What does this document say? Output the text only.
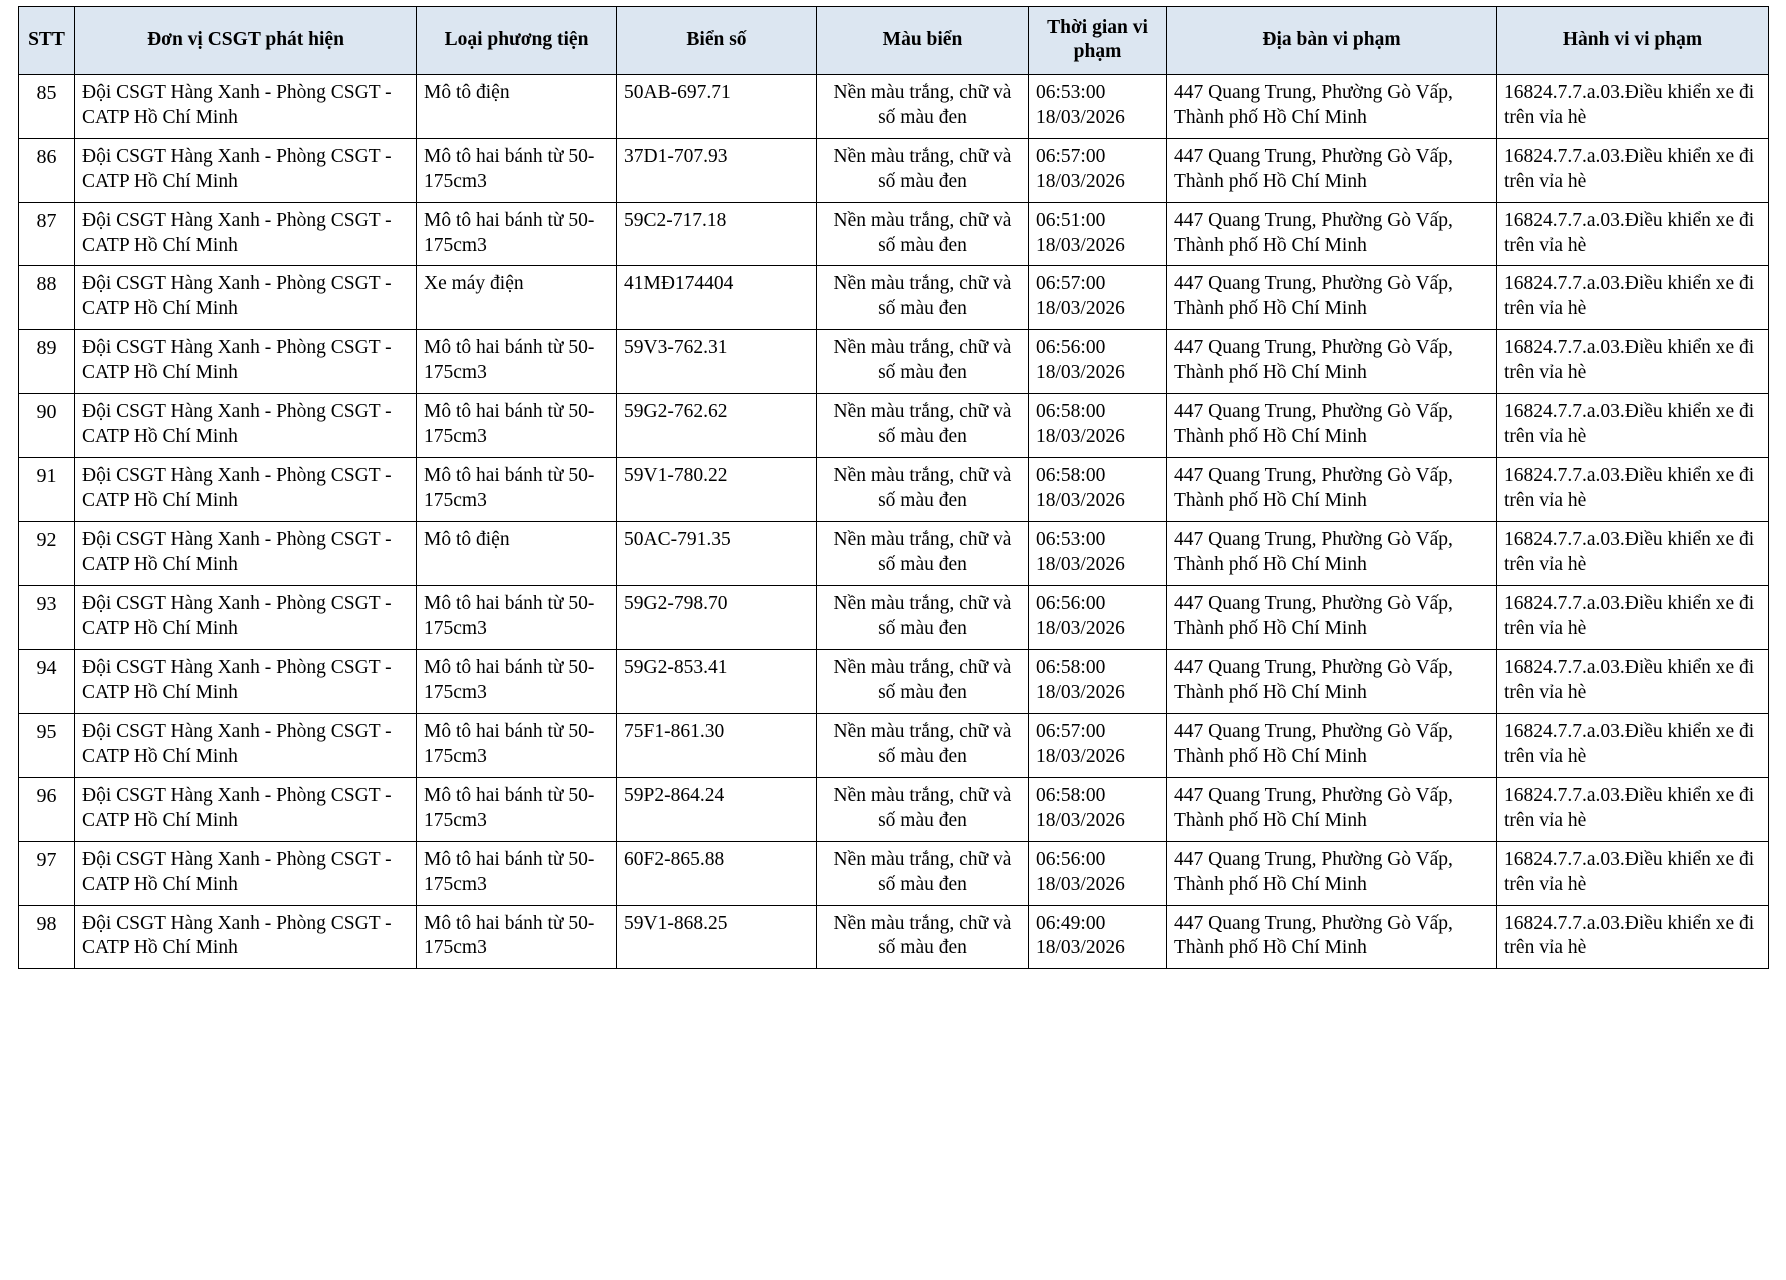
STT	Đơn vị CSGT phát hiện	Loại phương tiện	Biển số	Màu biển	Thời gian vi phạm	Địa bàn vi phạm	Hành vi vi phạm
85	Đội CSGT Hàng Xanh - Phòng CSGT - CATP Hồ Chí Minh	Mô tô điện	50AB-697.71	Nền màu trắng, chữ và số màu đen	06:53:00 18/03/2026	447 Quang Trung, Phường Gò Vấp, Thành phố Hồ Chí Minh	16824.7.7.a.03.Điều khiển xe đi trên vỉa hè
86	Đội CSGT Hàng Xanh - Phòng CSGT - CATP Hồ Chí Minh	Mô tô hai bánh từ 50-175cm3	37D1-707.93	Nền màu trắng, chữ và số màu đen	06:57:00 18/03/2026	447 Quang Trung, Phường Gò Vấp, Thành phố Hồ Chí Minh	16824.7.7.a.03.Điều khiển xe đi trên vỉa hè
87	Đội CSGT Hàng Xanh - Phòng CSGT - CATP Hồ Chí Minh	Mô tô hai bánh từ 50-175cm3	59C2-717.18	Nền màu trắng, chữ và số màu đen	06:51:00 18/03/2026	447 Quang Trung, Phường Gò Vấp, Thành phố Hồ Chí Minh	16824.7.7.a.03.Điều khiển xe đi trên vỉa hè
88	Đội CSGT Hàng Xanh - Phòng CSGT - CATP Hồ Chí Minh	Xe máy điện	41MĐ174404	Nền màu trắng, chữ và số màu đen	06:57:00 18/03/2026	447 Quang Trung, Phường Gò Vấp, Thành phố Hồ Chí Minh	16824.7.7.a.03.Điều khiển xe đi trên vỉa hè
89	Đội CSGT Hàng Xanh - Phòng CSGT - CATP Hồ Chí Minh	Mô tô hai bánh từ 50-175cm3	59V3-762.31	Nền màu trắng, chữ và số màu đen	06:56:00 18/03/2026	447 Quang Trung, Phường Gò Vấp, Thành phố Hồ Chí Minh	16824.7.7.a.03.Điều khiển xe đi trên vỉa hè
90	Đội CSGT Hàng Xanh - Phòng CSGT - CATP Hồ Chí Minh	Mô tô hai bánh từ 50-175cm3	59G2-762.62	Nền màu trắng, chữ và số màu đen	06:58:00 18/03/2026	447 Quang Trung, Phường Gò Vấp, Thành phố Hồ Chí Minh	16824.7.7.a.03.Điều khiển xe đi trên vỉa hè
91	Đội CSGT Hàng Xanh - Phòng CSGT - CATP Hồ Chí Minh	Mô tô hai bánh từ 50-175cm3	59V1-780.22	Nền màu trắng, chữ và số màu đen	06:58:00 18/03/2026	447 Quang Trung, Phường Gò Vấp, Thành phố Hồ Chí Minh	16824.7.7.a.03.Điều khiển xe đi trên vỉa hè
92	Đội CSGT Hàng Xanh - Phòng CSGT - CATP Hồ Chí Minh	Mô tô điện	50AC-791.35	Nền màu trắng, chữ và số màu đen	06:53:00 18/03/2026	447 Quang Trung, Phường Gò Vấp, Thành phố Hồ Chí Minh	16824.7.7.a.03.Điều khiển xe đi trên vỉa hè
93	Đội CSGT Hàng Xanh - Phòng CSGT - CATP Hồ Chí Minh	Mô tô hai bánh từ 50-175cm3	59G2-798.70	Nền màu trắng, chữ và số màu đen	06:56:00 18/03/2026	447 Quang Trung, Phường Gò Vấp, Thành phố Hồ Chí Minh	16824.7.7.a.03.Điều khiển xe đi trên vỉa hè
94	Đội CSGT Hàng Xanh - Phòng CSGT - CATP Hồ Chí Minh	Mô tô hai bánh từ 50-175cm3	59G2-853.41	Nền màu trắng, chữ và số màu đen	06:58:00 18/03/2026	447 Quang Trung, Phường Gò Vấp, Thành phố Hồ Chí Minh	16824.7.7.a.03.Điều khiển xe đi trên vỉa hè
95	Đội CSGT Hàng Xanh - Phòng CSGT - CATP Hồ Chí Minh	Mô tô hai bánh từ 50-175cm3	75F1-861.30	Nền màu trắng, chữ và số màu đen	06:57:00 18/03/2026	447 Quang Trung, Phường Gò Vấp, Thành phố Hồ Chí Minh	16824.7.7.a.03.Điều khiển xe đi trên vỉa hè
96	Đội CSGT Hàng Xanh - Phòng CSGT - CATP Hồ Chí Minh	Mô tô hai bánh từ 50-175cm3	59P2-864.24	Nền màu trắng, chữ và số màu đen	06:58:00 18/03/2026	447 Quang Trung, Phường Gò Vấp, Thành phố Hồ Chí Minh	16824.7.7.a.03.Điều khiển xe đi trên vỉa hè
97	Đội CSGT Hàng Xanh - Phòng CSGT - CATP Hồ Chí Minh	Mô tô hai bánh từ 50-175cm3	60F2-865.88	Nền màu trắng, chữ và số màu đen	06:56:00 18/03/2026	447 Quang Trung, Phường Gò Vấp, Thành phố Hồ Chí Minh	16824.7.7.a.03.Điều khiển xe đi trên vỉa hè
98	Đội CSGT Hàng Xanh - Phòng CSGT - CATP Hồ Chí Minh	Mô tô hai bánh từ 50-175cm3	59V1-868.25	Nền màu trắng, chữ và số màu đen	06:49:00 18/03/2026	447 Quang Trung, Phường Gò Vấp, Thành phố Hồ Chí Minh	16824.7.7.a.03.Điều khiển xe đi trên vỉa hè
